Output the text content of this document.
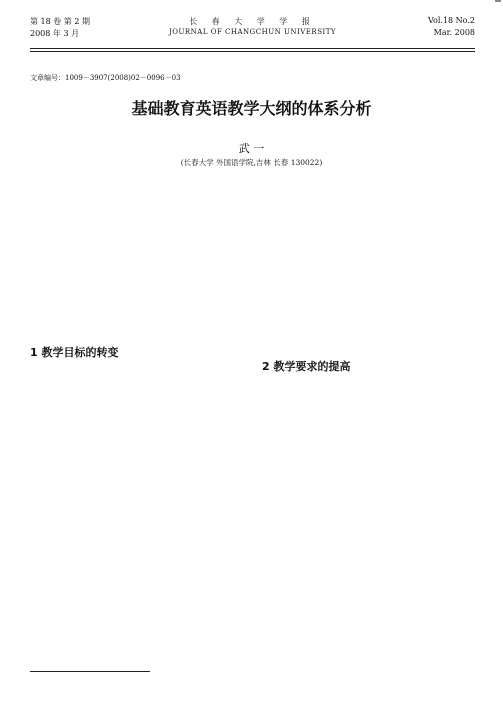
第 18 卷 第 2 期
2008 年 3 月
长 春 大 学 学 报
JOURNAL OF CHANGCHUN UNIVERSITY
Vol.18 No.2
Mar. 2008
文章编号：1009－3907(2008)02－0096－03
基础教育英语教学大纲的体系分析
武 一
(长春大学 外国语学院,吉林 长春 130022)
1 教学目标的转变
2 教学要求的提高
